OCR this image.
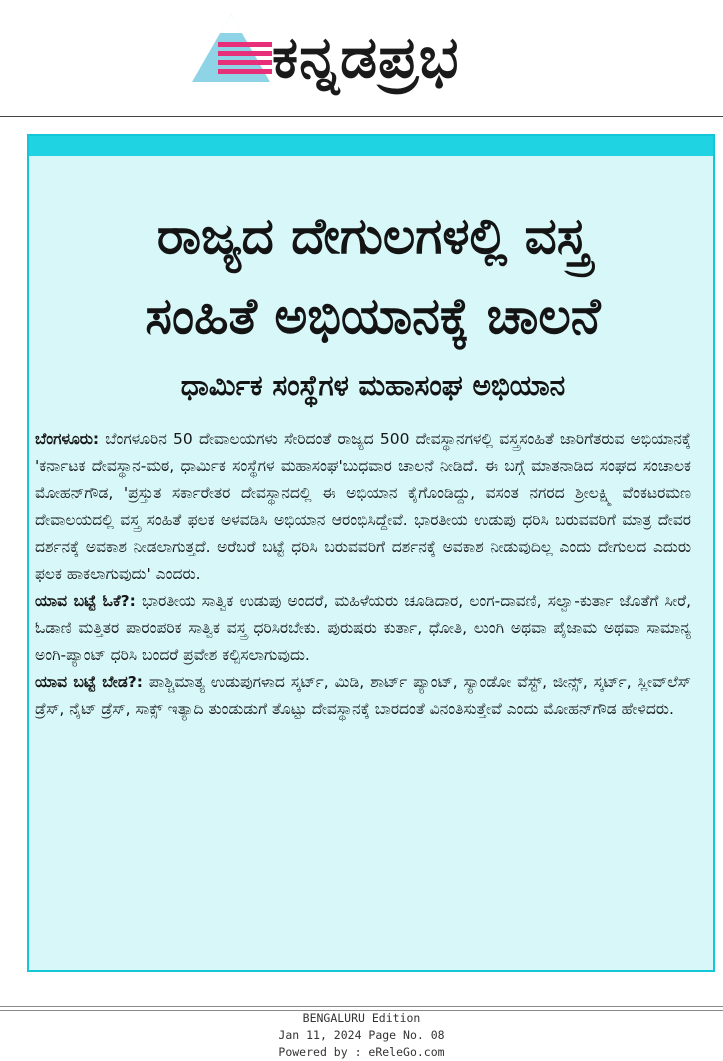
ಕನ್ನಡಪ್ರಭ
ರಾಜ್ಯದ ದೇಗುಲಗಳಲ್ಲಿ ವಸ್ತ್ರ
ಸಂಹಿತೆ ಅಭಿಯಾನಕ್ಕೆ ಚಾಲನೆ
ಧಾರ್ಮಿಕ ಸಂಸ್ಥೆಗಳ ಮಹಾಸಂಘ ಅಭಿಯಾನ

ಬೆಂಗಳೂರು: ಬೆಂಗಳೂರಿನ 50 ದೇವಾಲಯಗಳು ಸೇರಿದಂತೆ ರಾಜ್ಯದ 500 ದೇವಸ್ಥಾನಗಳಲ್ಲಿ ವಸ್ತ್ರಸಂಹಿತೆ ಜಾರಿಗೆತರುವ ಅಭಿಯಾನಕ್ಕೆ 'ಕರ್ನಾಟಕ ದೇವಸ್ಥಾನ-ಮಠ, ಧಾರ್ಮಿಕ ಸಂಸ್ಥೆಗಳ ಮಹಾಸಂಘ'ಬುಧವಾರ ಚಾಲನೆ ನೀಡಿದೆ. ಈ ಬಗ್ಗೆ ಮಾತನಾಡಿದ ಸಂಘದ ಸಂಚಾಲಕ ಮೋಹನ್‌ಗೌಡ, 'ಪ್ರಸ್ತುತ ಸರ್ಕಾರೇತರ ದೇವಸ್ಥಾನದಲ್ಲಿ ಈ ಅಭಿಯಾನ ಕೈಗೊಂಡಿದ್ದು, ವಸಂತ ನಗರದ ಶ್ರೀಲಕ್ಷ್ಮಿ ವೆಂಕಟರಮಣ ದೇವಾಲಯದಲ್ಲಿ ವಸ್ತ್ರ ಸಂಹಿತೆ ಫಲಕ ಅಳವಡಿಸಿ ಅಭಿಯಾನ ಆರಂಭಿಸಿದ್ದೇವೆ. ಭಾರತೀಯ ಉಡುಪು ಧರಿಸಿ ಬರುವವರಿಗೆ ಮಾತ್ರ ದೇವರ ದರ್ಶನಕ್ಕೆ ಅವಕಾಶ ನೀಡಲಾಗುತ್ತದೆ. ಅರೆಬರೆ ಬಟ್ಟೆ ಧರಿಸಿ ಬರುವವರಿಗೆ ದರ್ಶನಕ್ಕೆ ಅವಕಾಶ ನೀಡುವುದಿಲ್ಲ ಎಂದು ದೇಗುಲದ ಎದುರು ಫಲಕ ಹಾಕಲಾಗುವುದು' ಎಂದರು.

ಯಾವ ಬಟ್ಟೆ ಓಕೆ?: ಭಾರತೀಯ ಸಾತ್ವಿಕ ಉಡುಪು ಅಂದರೆ, ಮಹಿಳೆಯರು ಚೂಡಿದಾರ, ಲಂಗ-ದಾವಣಿ, ಸಲ್ವಾ-ಕುರ್ತಾ ಜೊತೆಗೆ ಸೀರೆ, ಓಡಾಣಿ ಮತ್ತಿತರ ಪಾರಂಪರಿಕ ಸಾತ್ವಿಕ ವಸ್ತ್ರ ಧರಿಸಿರಬೇಕು. ಪುರುಷರು ಕುರ್ತಾ, ಧೋತಿ, ಲುಂಗಿ ಅಥವಾ ಪೈಜಾಮ ಅಥವಾ ಸಾಮಾನ್ಯ ಅಂಗಿ-ಪ್ಯಾಂಟ್ ಧರಿಸಿ ಬಂದರೆ ಪ್ರವೇಶ ಕಲ್ಪಿಸಲಾಗುವುದು.

ಯಾವ ಬಟ್ಟೆ ಬೇಡ?: ಪಾಶ್ಚಿಮಾತ್ಯ ಉಡುಪುಗಳಾದ ಸ್ಕರ್ಟ್, ಮಿಡಿ, ಶಾರ್ಟ್ ಪ್ಯಾಂಟ್, ಸ್ಯಾಂಡೋ ವೆಸ್ಟ್, ಜೀನ್ಸ್, ಸ್ಕರ್ಟ್, ಸ್ಲೀವ್‌ಲೆಸ್ ಡ್ರೆಸ್, ನೈಟ್ ಡ್ರೆಸ್, ಸಾಕ್ಸ್ ಇತ್ಯಾದಿ ತುಂಡುಡುಗೆ ತೊಟ್ಟು ದೇವಸ್ಥಾನಕ್ಕೆ ಬಾರದಂತೆ ವಿನಂತಿಸುತ್ತೇವೆ ಎಂದು ಮೋಹನ್‌ಗೌಡ ಹೇಳಿದರು.

BENGALURU Edition
Jan 11, 2024 Page No. 08
Powered by : eReleGo.com
